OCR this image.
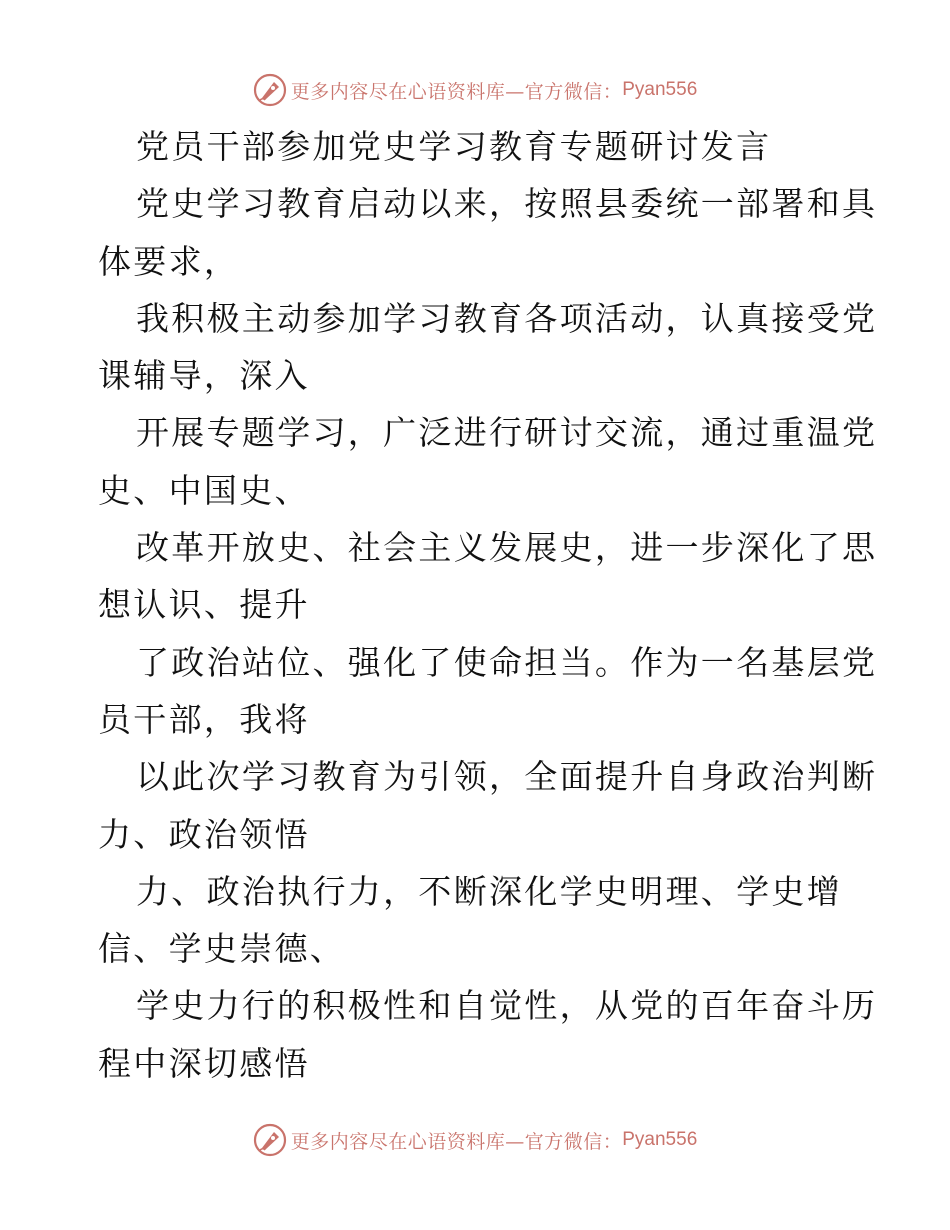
更多内容尽在心语资料库—官方微信： Pyan556
党员干部参加党史学习教育专题研讨发言
党史学习教育启动以来，按照县委统一部署和具
体要求，
我积极主动参加学习教育各项活动，认真接受党
课辅导，深入
开展专题学习，广泛进行研讨交流，通过重温党
史、中国史、
改革开放史、社会主义发展史，进一步深化了思
想认识、提升
了政治站位、强化了使命担当。作为一名基层党
员干部，我将
以此次学习教育为引领，全面提升自身政治判断
力、政治领悟
力、政治执行力，不断深化学史明理、学史增
信、学史崇德、
学史力行的积极性和自觉性，从党的百年奋斗历
程中深切感悟
更多内容尽在心语资料库—官方微信： Pyan556
